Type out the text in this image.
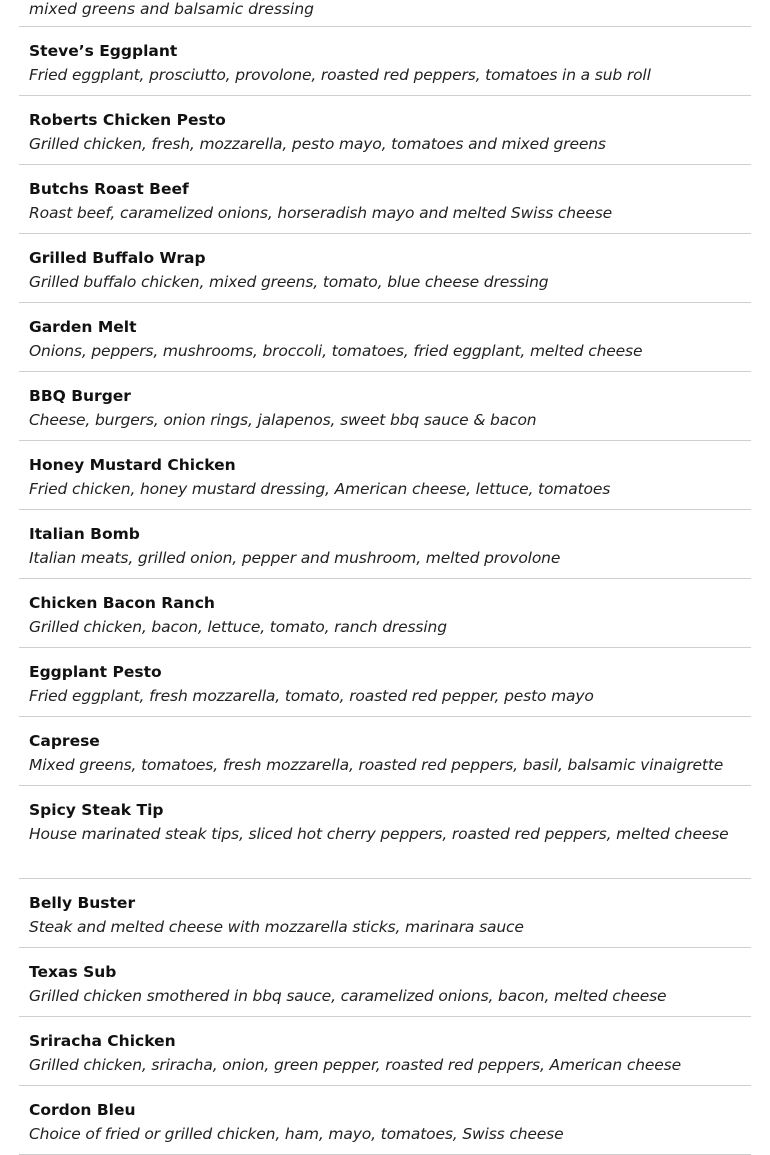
mixed greens and balsamic dressing
Steve’s Eggplant
Fried eggplant, prosciutto, provolone, roasted red peppers, tomatoes in a sub roll
Roberts Chicken Pesto
Grilled chicken, fresh, mozzarella, pesto mayo, tomatoes and mixed greens
Butchs Roast Beef
Roast beef, caramelized onions, horseradish mayo and melted Swiss cheese
Grilled Buffalo Wrap
Grilled buffalo chicken, mixed greens, tomato, blue cheese dressing
Garden Melt
Onions, peppers, mushrooms, broccoli, tomatoes, fried eggplant, melted cheese
BBQ Burger
Cheese, burgers, onion rings, jalapenos, sweet bbq sauce & bacon
Honey Mustard Chicken
Fried chicken, honey mustard dressing, American cheese, lettuce, tomatoes
Italian Bomb
Italian meats, grilled onion, pepper and mushroom, melted provolone
Chicken Bacon Ranch
Grilled chicken, bacon, lettuce, tomato, ranch dressing
Eggplant Pesto
Fried eggplant, fresh mozzarella, tomato, roasted red pepper, pesto mayo
Caprese
Mixed greens, tomatoes, fresh mozzarella, roasted red peppers, basil, balsamic vinaigrette
Spicy Steak Tip
House marinated steak tips, sliced hot cherry peppers, roasted red peppers, melted cheese
Belly Buster
Steak and melted cheese with mozzarella sticks, marinara sauce
Texas Sub
Grilled chicken smothered in bbq sauce, caramelized onions, bacon, melted cheese
Sriracha Chicken
Grilled chicken, sriracha, onion, green pepper, roasted red peppers, American cheese
Cordon Bleu
Choice of fried or grilled chicken, ham, mayo, tomatoes, Swiss cheese
